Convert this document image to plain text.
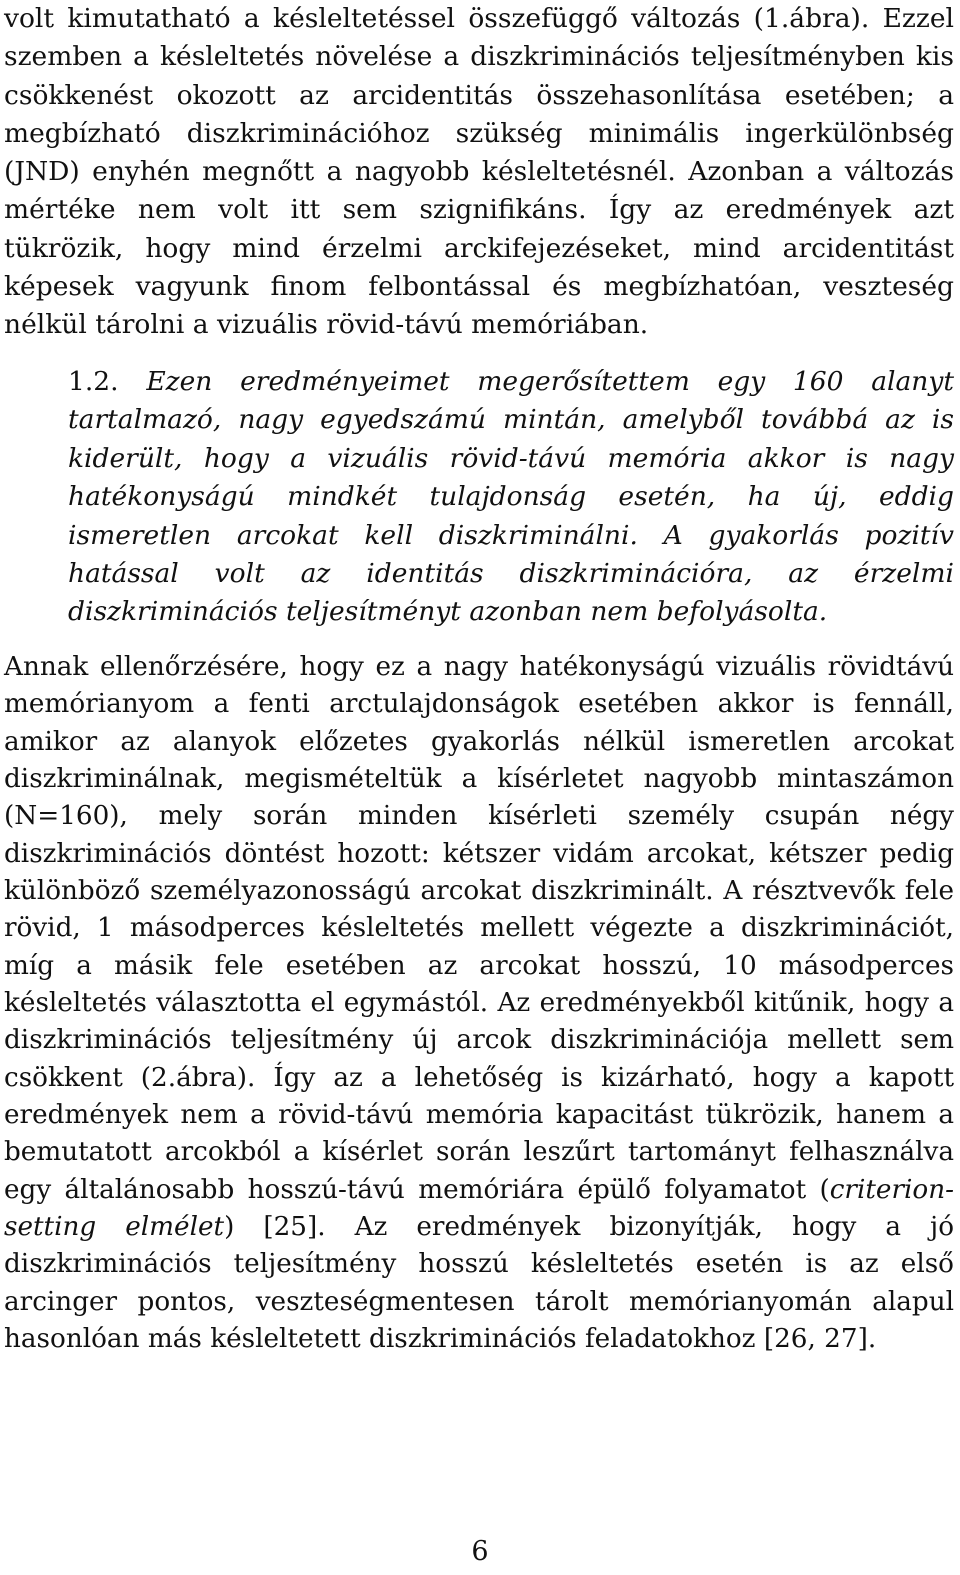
volt kimutatható a késleltetéssel összefüggő változás (1.ábra). Ezzel szemben a késleltetés növelése a diszkriminációs teljesítményben kis csökkenést okozott az arcidentitás összehasonlítása esetében; a megbízható diszkriminációhoz szükség minimális ingerkülönbség (JND) enyhén megnőtt a nagyobb késleltetésnél. Azonban a változás mértéke nem volt itt sem szignifikáns. Így az eredmények azt tükrözik, hogy mind érzelmi arckifejezéseket, mind arcidentitást képesek vagyunk finom felbontással és megbízhatóan, veszteség nélkül tárolni a vizuális rövid-távú memóriában.

1.2. Ezen eredményeimet megerősítettem egy 160 alanyt tartalmazó, nagy egyedszámú mintán, amelyből továbbá az is kiderült, hogy a vizuális rövid-távú memória akkor is nagy hatékonyságú mindkét tulajdonság esetén, ha új, eddig ismeretlen arcokat kell diszkriminálni. A gyakorlás pozitív hatással volt az identitás diszkriminációra, az érzelmi diszkriminációs teljesítményt azonban nem befolyásolta.

Annak ellenőrzésére, hogy ez a nagy hatékonyságú vizuális rövidtávú memórianyom a fenti arctulajdonságok esetében akkor is fennáll, amikor az alanyok előzetes gyakorlás nélkül ismeretlen arcokat diszkriminálnak, megismételtük a kísérletet nagyobb mintaszámon (N=160), mely során minden kísérleti személy csupán négy diszkriminációs döntést hozott: kétszer vidám arcokat, kétszer pedig különböző személyazonosságú arcokat diszkriminált. A résztvevők fele rövid, 1 másodperces késleltetés mellett végezte a diszkriminációt, míg a másik fele esetében az arcokat hosszú, 10 másodperces késleltetés választotta el egymástól. Az eredményekből kitűnik, hogy a diszkriminációs teljesítmény új arcok diszkriminációja mellett sem csökkent (2.ábra). Így az a lehetőség is kizárható, hogy a kapott eredmények nem a rövid-távú memória kapacitást tükrözik, hanem a bemutatott arcokból a kísérlet során leszűrt tartományt felhasználva egy általánosabb hosszú-távú memóriára épülő folyamatot (criterion-setting elmélet) [25]. Az eredmények bizonyítják, hogy a jó diszkriminációs teljesítmény hosszú késleltetés esetén is az első arcinger pontos, veszteségmentesen tárolt memórianyomán alapul hasonlóan más késleltetett diszkriminációs feladatokhoz [26, 27].

6
